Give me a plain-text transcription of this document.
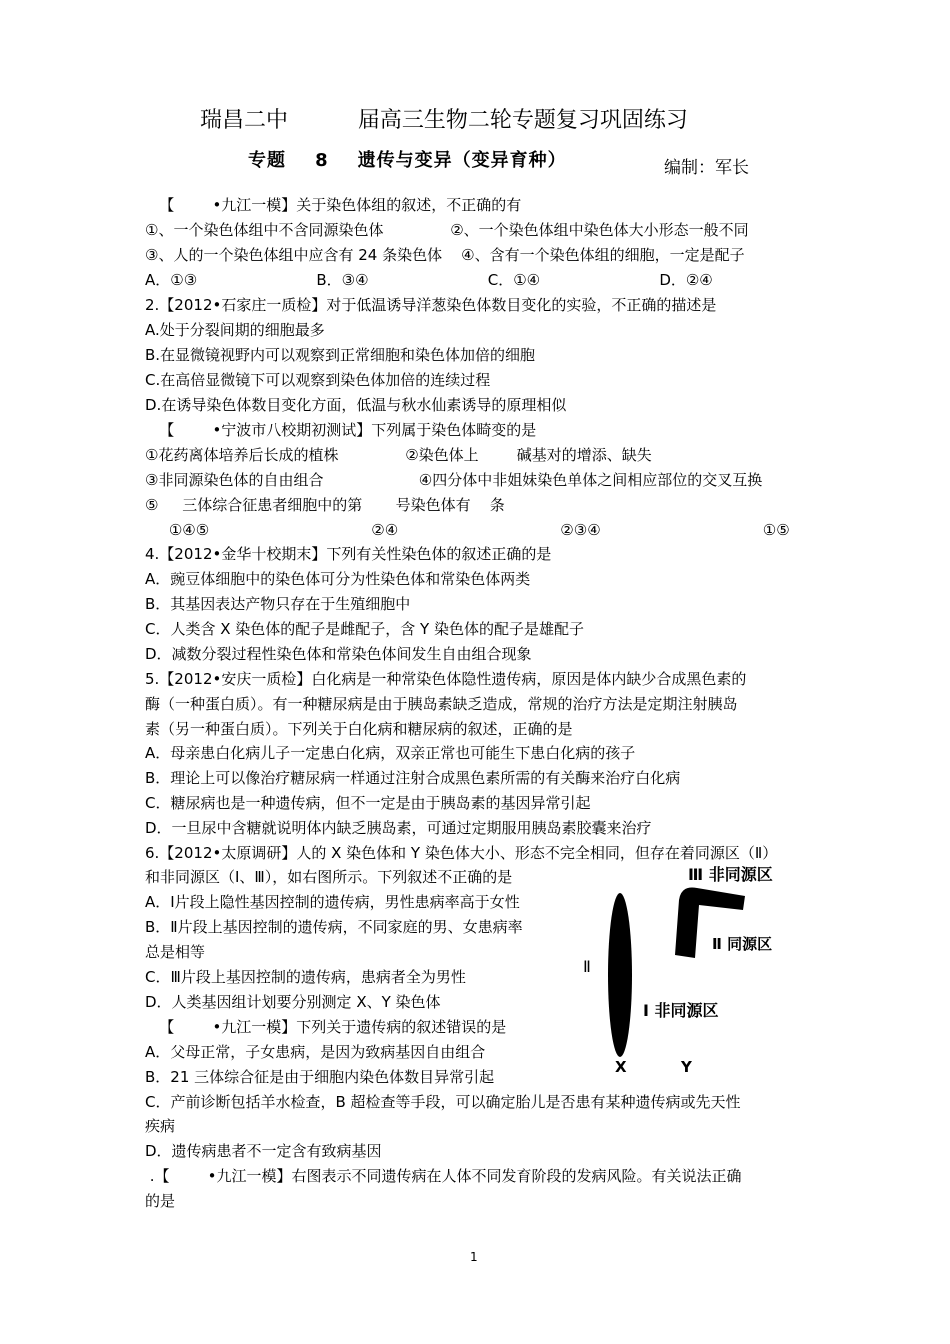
瑞昌二中          届高三生物二轮专题复习巩固练习
专题    8    遗传与变异（变异育种）	编制：军长
【        •九江一模】关于染色体组的叙述，不正确的有
①、一个染色体组中不含同源染色体              ②、一个染色体组中染色体大小形态一般不同
③、人的一个染色体组中应含有 24 条染色体    ④、含有一个染色体组的细胞，一定是配子
A．①③                         B．③④                         C．①④                         D．②④
2.【2012•石家庄一质检】对于低温诱导洋葱染色体数目变化的实验，不正确的描述是
A.处于分裂间期的细胞最多
B.在显微镜视野内可以观察到正常细胞和染色体加倍的细胞
C.在高倍显微镜下可以观察到染色体加倍的连续过程
D.在诱导染色体数目变化方面，低温与秋水仙素诱导的原理相似
【        •宁波市八校期初测试】下列属于染色体畸变的是
①花药离体培养后长成的植株              ②染色体上        碱基对的增添、缺失
③非同源染色体的自由组合                    ④四分体中非姐妹染色单体之间相应部位的交叉互换
⑤     三体综合征患者细胞中的第       号染色体有    条
①④⑤                                  ②④                                  ②③④                                  ①⑤
4.【2012•金华十校期末】下列有关性染色体的叙述正确的是
A．豌豆体细胞中的染色体可分为性染色体和常染色体两类
B．其基因表达产物只存在于生殖细胞中
C．人类含 X 染色体的配子是雌配子，含 Y 染色体的配子是雄配子
D．减数分裂过程性染色体和常染色体间发生自由组合现象
5.【2012•安庆一质检】白化病是一种常染色体隐性遗传病，原因是体内缺少合成黑色素的
酶（一种蛋白质）。有一种糖尿病是由于胰岛素缺乏造成，常规的治疗方法是定期注射胰岛
素（另一种蛋白质）。下列关于白化病和糖尿病的叙述，正确的是
A．母亲患白化病儿子一定患白化病，双亲正常也可能生下患白化病的孩子
B．理论上可以像治疗糖尿病一样通过注射合成黑色素所需的有关酶来治疗白化病
C．糖尿病也是一种遗传病，但不一定是由于胰岛素的基因异常引起
D．一旦尿中含糖就说明体内缺乏胰岛素，可通过定期服用胰岛素胶囊来治疗
6.【2012•太原调研】人的 X 染色体和 Y 染色体大小、形态不完全相同，但存在着同源区（Ⅱ）
和非同源区（Ⅰ、Ⅲ），如右图所示。下列叙述不正确的是
A．Ⅰ片段上隐性基因控制的遗传病，男性患病率高于女性
B．Ⅱ片段上基因控制的遗传病，不同家庭的男、女患病率
总是相等
C．Ⅲ片段上基因控制的遗传病，患病者全为男性
D．人类基因组计划要分别测定 X、Y 染色体
【        •九江一模】下列关于遗传病的叙述错误的是
A．父母正常，子女患病，是因为致病基因自由组合
B．21 三体综合征是由于细胞内染色体数目异常引起
C．产前诊断包括羊水检查，B 超检查等手段，可以确定胎儿是否患有某种遗传病或先天性
疾病
D．遗传病患者不一定含有致病基因
.【        •九江一模】右图表示不同遗传病在人体不同发育阶段的发病风险。有关说法正确
的是
Ⅲ 非同源区
Ⅱ 同源区
Ⅱ
Ⅰ 非同源区
X	Y
1
